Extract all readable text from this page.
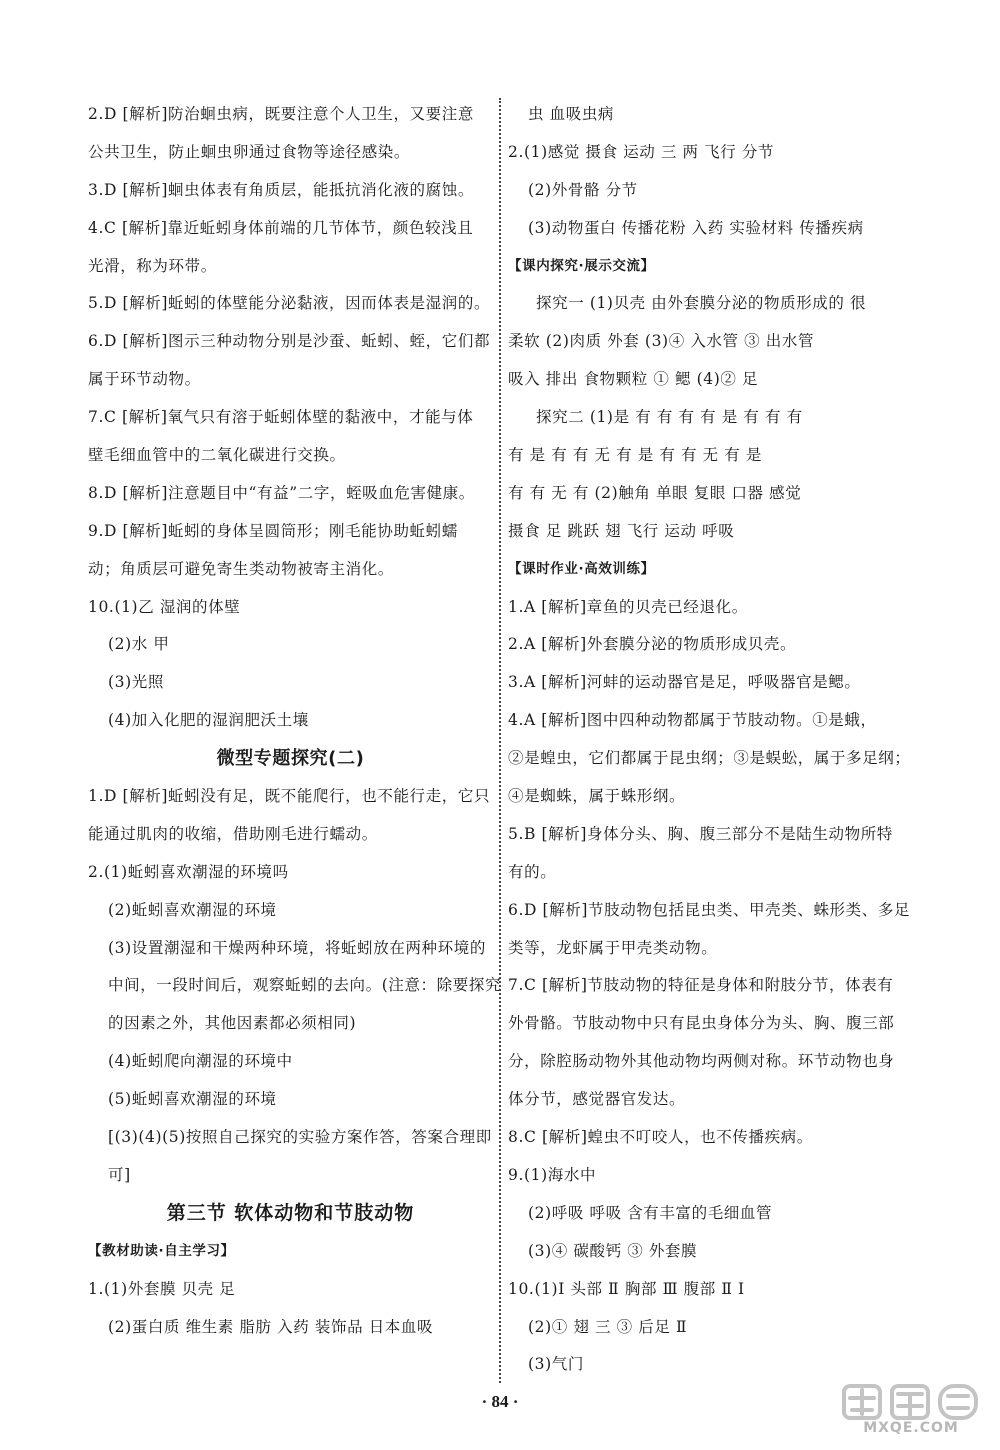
2.D [解析]防治蛔虫病，既要注意个人卫生，又要注意
公共卫生，防止蛔虫卵通过食物等途径感染。
3.D [解析]蛔虫体表有角质层，能抵抗消化液的腐蚀。
4.C [解析]靠近蚯蚓身体前端的几节体节，颜色较浅且
光滑，称为环带。
5.D [解析]蚯蚓的体壁能分泌黏液，因而体表是湿润的。
6.D [解析]图示三种动物分别是沙蚕、蚯蚓、蛭，它们都
属于环节动物。
7.C [解析]氧气只有溶于蚯蚓体壁的黏液中，才能与体
壁毛细血管中的二氧化碳进行交换。
8.D [解析]注意题目中“有益”二字，蛭吸血危害健康。
9.D [解析]蚯蚓的身体呈圆筒形；刚毛能协助蚯蚓蠕
动；角质层可避免寄生类动物被寄主消化。
10.(1)乙 湿润的体壁
(2)水 甲
(3)光照
(4)加入化肥的湿润肥沃土壤
微型专题探究(二)
1.D [解析]蚯蚓没有足，既不能爬行，也不能行走，它只
能通过肌肉的收缩，借助刚毛进行蠕动。
2.(1)蚯蚓喜欢潮湿的环境吗
(2)蚯蚓喜欢潮湿的环境
(3)设置潮湿和干燥两种环境，将蚯蚓放在两种环境的
中间，一段时间后，观察蚯蚓的去向。(注意：除要探究
的因素之外，其他因素都必须相同)
(4)蚯蚓爬向潮湿的环境中
(5)蚯蚓喜欢潮湿的环境
[(3)(4)(5)按照自己探究的实验方案作答，答案合理即
可]
第三节 软体动物和节肢动物
【教材助读·自主学习】
1.(1)外套膜 贝壳 足
(2)蛋白质 维生素 脂肪 入药 装饰品 日本血吸
虫 血吸虫病
2.(1)感觉 摄食 运动 三 两 飞行 分节
(2)外骨骼 分节
(3)动物蛋白 传播花粉 入药 实验材料 传播疾病
【课内探究·展示交流】
探究一 (1)贝壳 由外套膜分泌的物质形成的 很
柔软 (2)肉质 外套 (3)④ 入水管 ③ 出水管
吸入 排出 食物颗粒 ① 鳃 (4)② 足
探究二 (1)是 有 有 有 有 是 有 有 有
有 是 有 有 无 有 是 有 有 无 有 是
有 有 无 有 (2)触角 单眼 复眼 口器 感觉
摄食 足 跳跃 翅 飞行 运动 呼吸
【课时作业·高效训练】
1.A [解析]章鱼的贝壳已经退化。
2.A [解析]外套膜分泌的物质形成贝壳。
3.A [解析]河蚌的运动器官是足，呼吸器官是鳃。
4.A [解析]图中四种动物都属于节肢动物。①是蛾，
②是蝗虫，它们都属于昆虫纲；③是蜈蚣，属于多足纲；
④是蜘蛛，属于蛛形纲。
5.B [解析]身体分头、胸、腹三部分不是陆生动物所特
有的。
6.D [解析]节肢动物包括昆虫类、甲壳类、蛛形类、多足
类等，龙虾属于甲壳类动物。
7.C [解析]节肢动物的特征是身体和附肢分节，体表有
外骨骼。节肢动物中只有昆虫身体分为头、胸、腹三部
分，除腔肠动物外其他动物均两侧对称。环节动物也身
体分节，感觉器官发达。
8.C [解析]蝗虫不叮咬人，也不传播疾病。
9.(1)海水中
(2)呼吸 呼吸 含有丰富的毛细血管
(3)④ 碳酸钙 ③ 外套膜
10.(1)Ⅰ 头部 Ⅱ 胸部 Ⅲ 腹部 Ⅱ Ⅰ
(2)① 翅 三 ③ 后足 Ⅱ
(3)气门
· 84 ·
MXQE.COM
